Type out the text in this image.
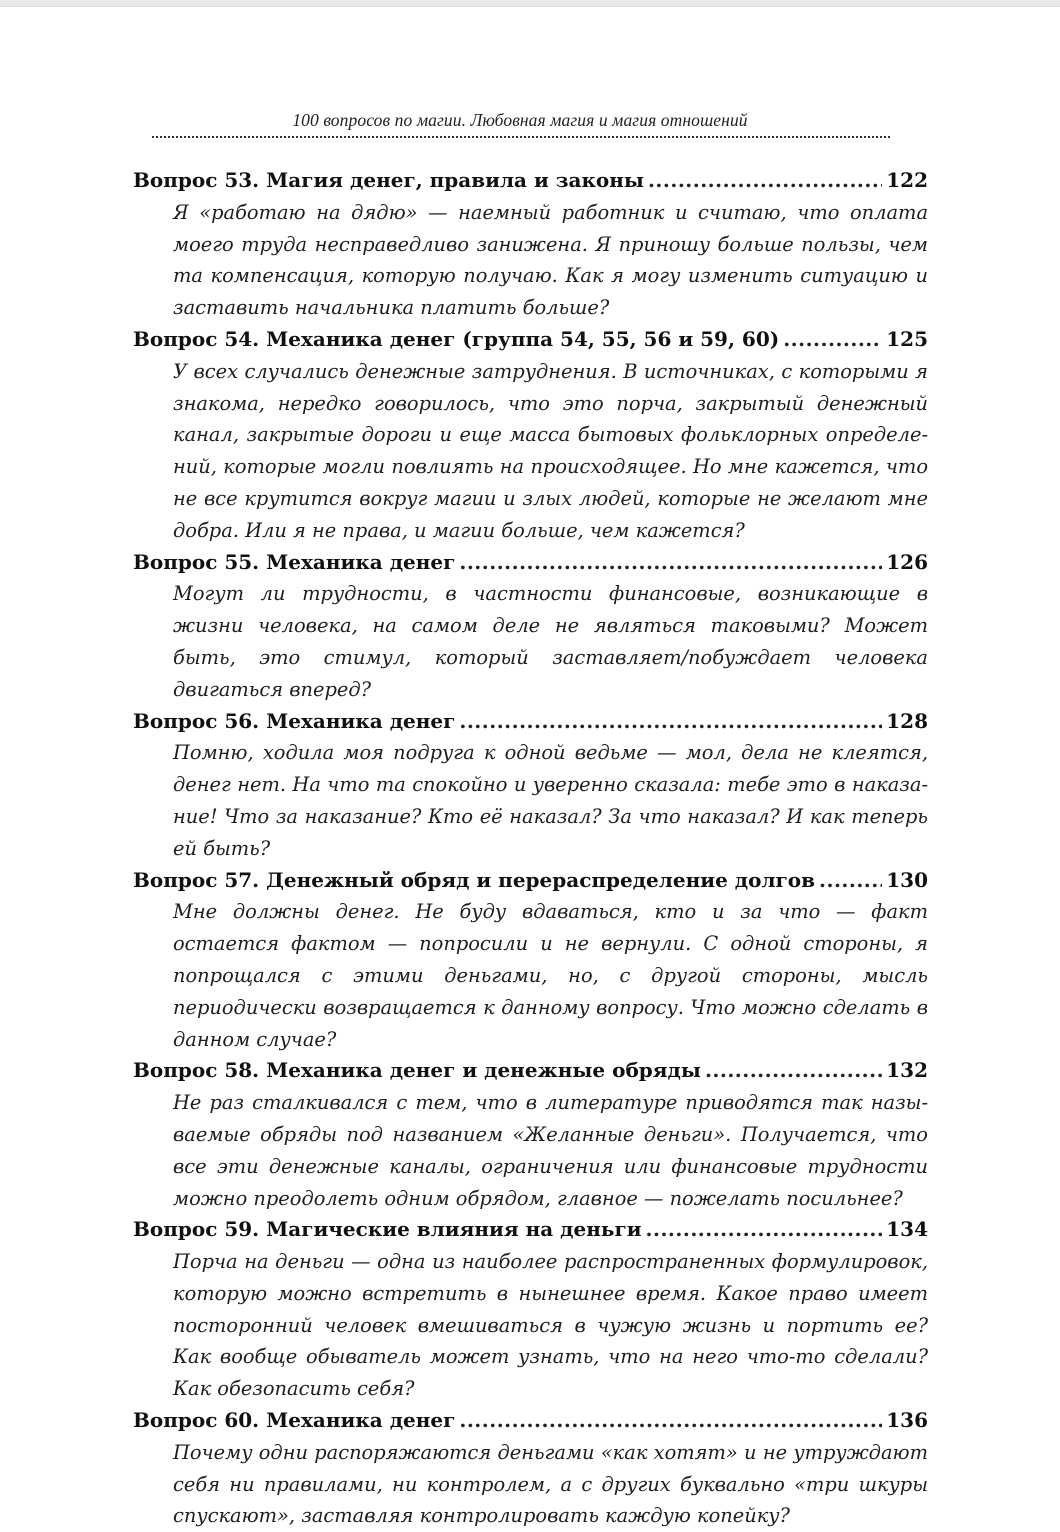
100 вопросов по магии. Любовная магия и магия отношений
Вопрос 53. Магия денег, правила и законы .....	122

Я «работаю на дядю» — наемный работник и считаю, что оплата моего труда несправедливо занижена. Я приношу больше пользы, чем та компенсация, которую получаю. Как я могу изменить ситуацию и заставить начальника платить больше?

Вопрос 54. Механика денег (группа 54, 55, 56 и 59, 60) .....	125

У всех случались денежные затруднения. В источниках, с которыми я знакома, нередко говорилось, что это порча, закрытый денежный канал, закрытые дороги и еще масса бытовых фольклорных определений, которые могли повлиять на происходящее. Но мне кажется, что не все крутится вокруг магии и злых людей, которые не желают мне добра. Или я не права, и магии больше, чем кажется?

Вопрос 55. Механика денег .....	126

Могут ли трудности, в частности финансовые, возникающие в жизни человека, на самом деле не являться таковыми? Может быть, это стимул, который заставляет/побуждает человека двигаться вперед?

Вопрос 56. Механика денег .....	128

Помню, ходила моя подруга к одной ведьме — мол, дела не клеятся, денег нет. На что та спокойно и уверенно сказала: тебе это в наказание! Что за наказание? Кто её наказал? За что наказал? И как теперь ей быть?

Вопрос 57. Денежный обряд и перераспределение долгов .....	130

Мне должны денег. Не буду вдаваться, кто и за что — факт остается фактом — попросили и не вернули. С одной стороны, я попрощался с этими деньгами, но, с другой стороны, мысль периодически возвращается к данному вопросу. Что можно сделать в данном случае?

Вопрос 58. Механика денег и денежные обряды .....	132

Не раз сталкивался с тем, что в литературе приводятся так называемые обряды под названием «Желанные деньги». Получается, что все эти денежные каналы, ограничения или финансовые трудности можно преодолеть одним обрядом, главное — пожелать посильнее?

Вопрос 59. Магические влияния на деньги .....	134

Порча на деньги — одна из наиболее распространенных формулировок, которую можно встретить в нынешнее время. Какое право имеет посторонний человек вмешиваться в чужую жизнь и портить ее? Как вообще обыватель может узнать, что на него что-то сделали? Как обезопасить себя?

Вопрос 60. Механика денег .....	136

Почему одни распоряжаются деньгами «как хотят» и не утруждают себя ни правилами, ни контролем, а с других буквально «три шкуры спускают», заставляя контролировать каждую копейку?
